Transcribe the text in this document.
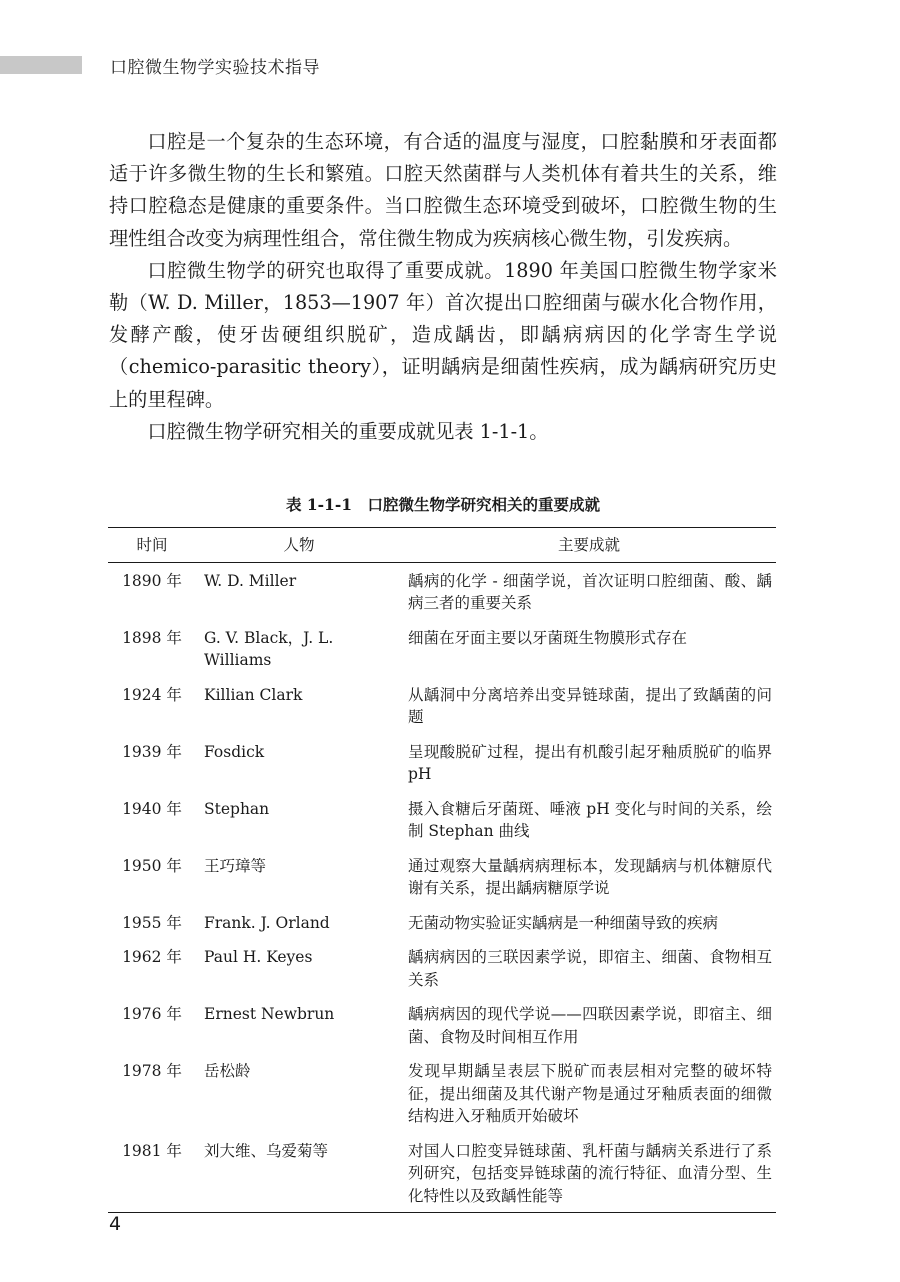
口腔微生物学实验技术指导

口腔是一个复杂的生态环境，有合适的温度与湿度，口腔黏膜和牙表面都适于许多微生物的生长和繁殖。口腔天然菌群与人类机体有着共生的关系，维持口腔稳态是健康的重要条件。当口腔微生态环境受到破坏，口腔微生物的生理性组合改变为病理性组合，常住微生物成为疾病核心微生物，引发疾病。

口腔微生物学的研究也取得了重要成就。1890 年美国口腔微生物学家米勒（W. D. Miller，1853—1907 年）首次提出口腔细菌与碳水化合物作用，发酵产酸，使牙齿硬组织脱矿，造成龋齿，即龋病病因的化学寄生学说（chemico-parasitic theory），证明龋病是细菌性疾病，成为龋病研究历史上的里程碑。

口腔微生物学研究相关的重要成就见表 1-1-1。

表 1-1-1　口腔微生物学研究相关的重要成就
时间	人物	主要成就
1890 年	W. D. Miller	龋病的化学 - 细菌学说，首次证明口腔细菌、酸、龋病三者的重要关系
1898 年	G. V. Black，J. L. Williams	细菌在牙面主要以牙菌斑生物膜形式存在
1924 年	Killian Clark	从龋洞中分离培养出变异链球菌，提出了致龋菌的问题
1939 年	Fosdick	呈现酸脱矿过程，提出有机酸引起牙釉质脱矿的临界 pH
1940 年	Stephan	摄入食糖后牙菌斑、唾液 pH 变化与时间的关系，绘制 Stephan 曲线
1950 年	王巧璋等	通过观察大量龋病病理标本，发现龋病与机体糖原代谢有关系，提出龋病糖原学说
1955 年	Frank. J. Orland	无菌动物实验证实龋病是一种细菌导致的疾病
1962 年	Paul H. Keyes	龋病病因的三联因素学说，即宿主、细菌、食物相互关系
1976 年	Ernest Newbrun	龋病病因的现代学说——四联因素学说，即宿主、细菌、食物及时间相互作用
1978 年	岳松龄	发现早期龋呈表层下脱矿而表层相对完整的破坏特征，提出细菌及其代谢产物是通过牙釉质表面的细微结构进入牙釉质开始破坏
1981 年	刘大维、乌爱菊等	对国人口腔变异链球菌、乳杆菌与龋病关系进行了系列研究，包括变异链球菌的流行特征、血清分型、生化特性以及致龋性能等
4
